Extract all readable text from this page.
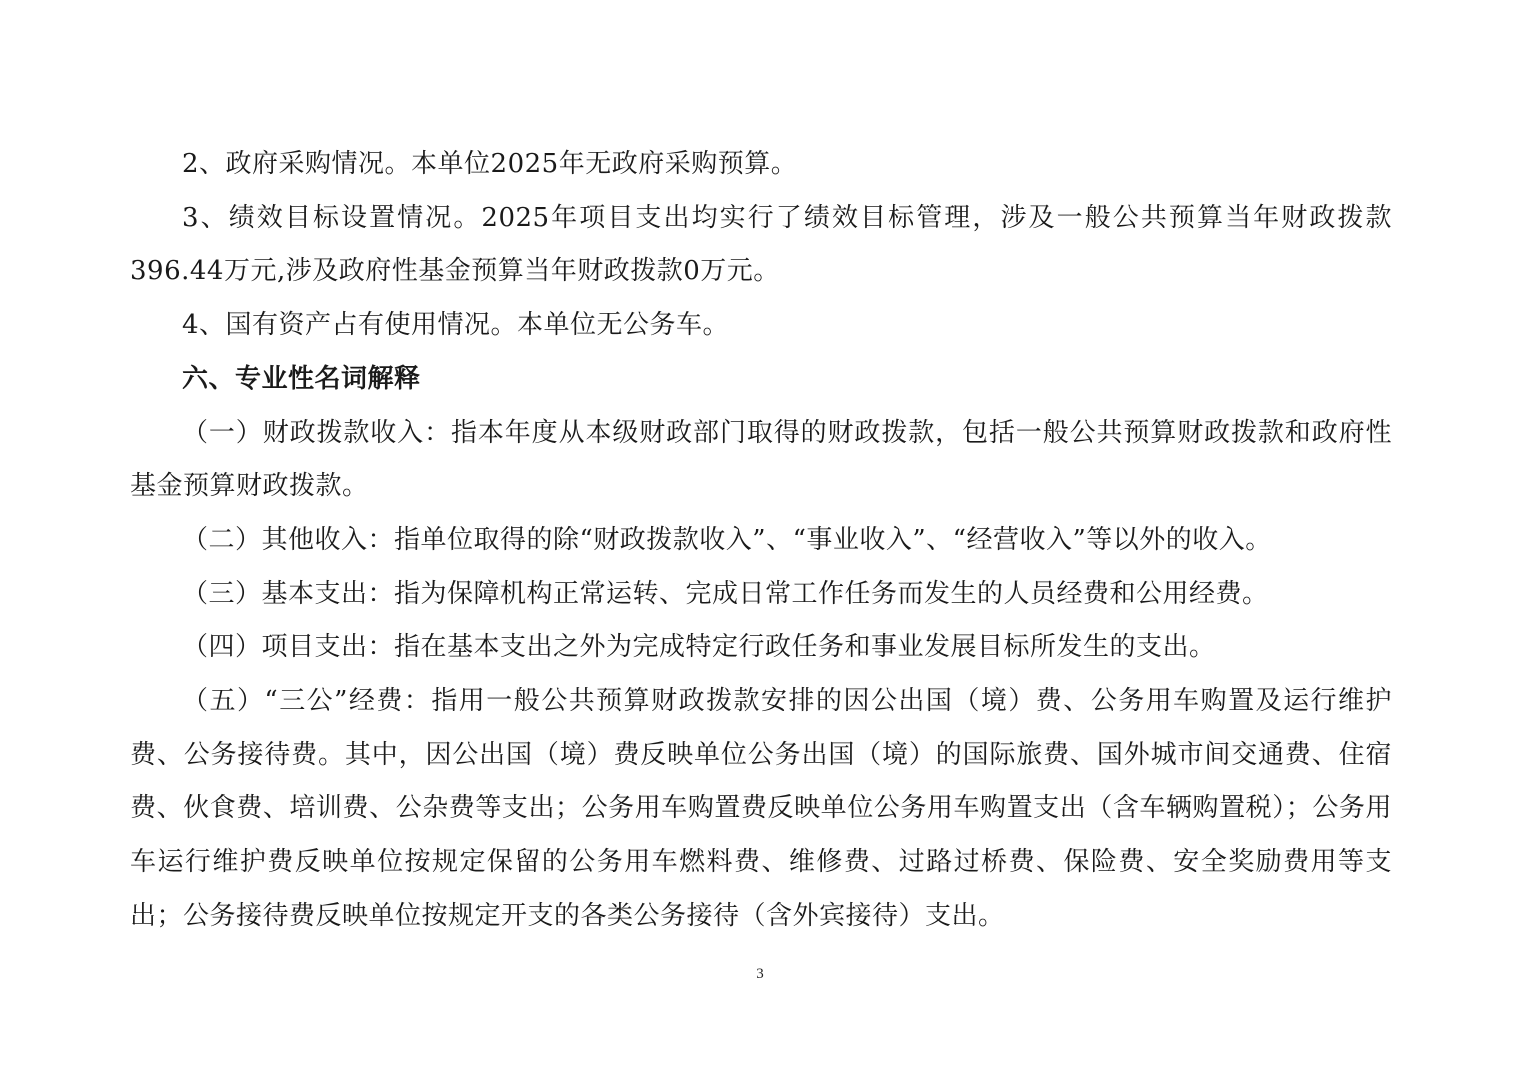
2、政府采购情况。本单位2025年无政府采购预算。

3、绩效目标设置情况。2025年项目支出均实行了绩效目标管理，涉及一般公共预算当年财政拨款396.44万元,涉及政府性基金预算当年财政拨款0万元。

4、国有资产占有使用情况。本单位无公务车。

六、专业性名词解释

（一）财政拨款收入：指本年度从本级财政部门取得的财政拨款，包括一般公共预算财政拨款和政府性基金预算财政拨款。

（二）其他收入：指单位取得的除“财政拨款收入”、“事业收入”、“经营收入”等以外的收入。

（三）基本支出：指为保障机构正常运转、完成日常工作任务而发生的人员经费和公用经费。

（四）项目支出：指在基本支出之外为完成特定行政任务和事业发展目标所发生的支出。

（五）“三公”经费：指用一般公共预算财政拨款安排的因公出国（境）费、公务用车购置及运行维护费、公务接待费。其中，因公出国（境）费反映单位公务出国（境）的国际旅费、国外城市间交通费、住宿费、伙食费、培训费、公杂费等支出；公务用车购置费反映单位公务用车购置支出（含车辆购置税）；公务用车运行维护费反映单位按规定保留的公务用车燃料费、维修费、过路过桥费、保险费、安全奖励费用等支出；公务接待费反映单位按规定开支的各类公务接待（含外宾接待）支出。

3
